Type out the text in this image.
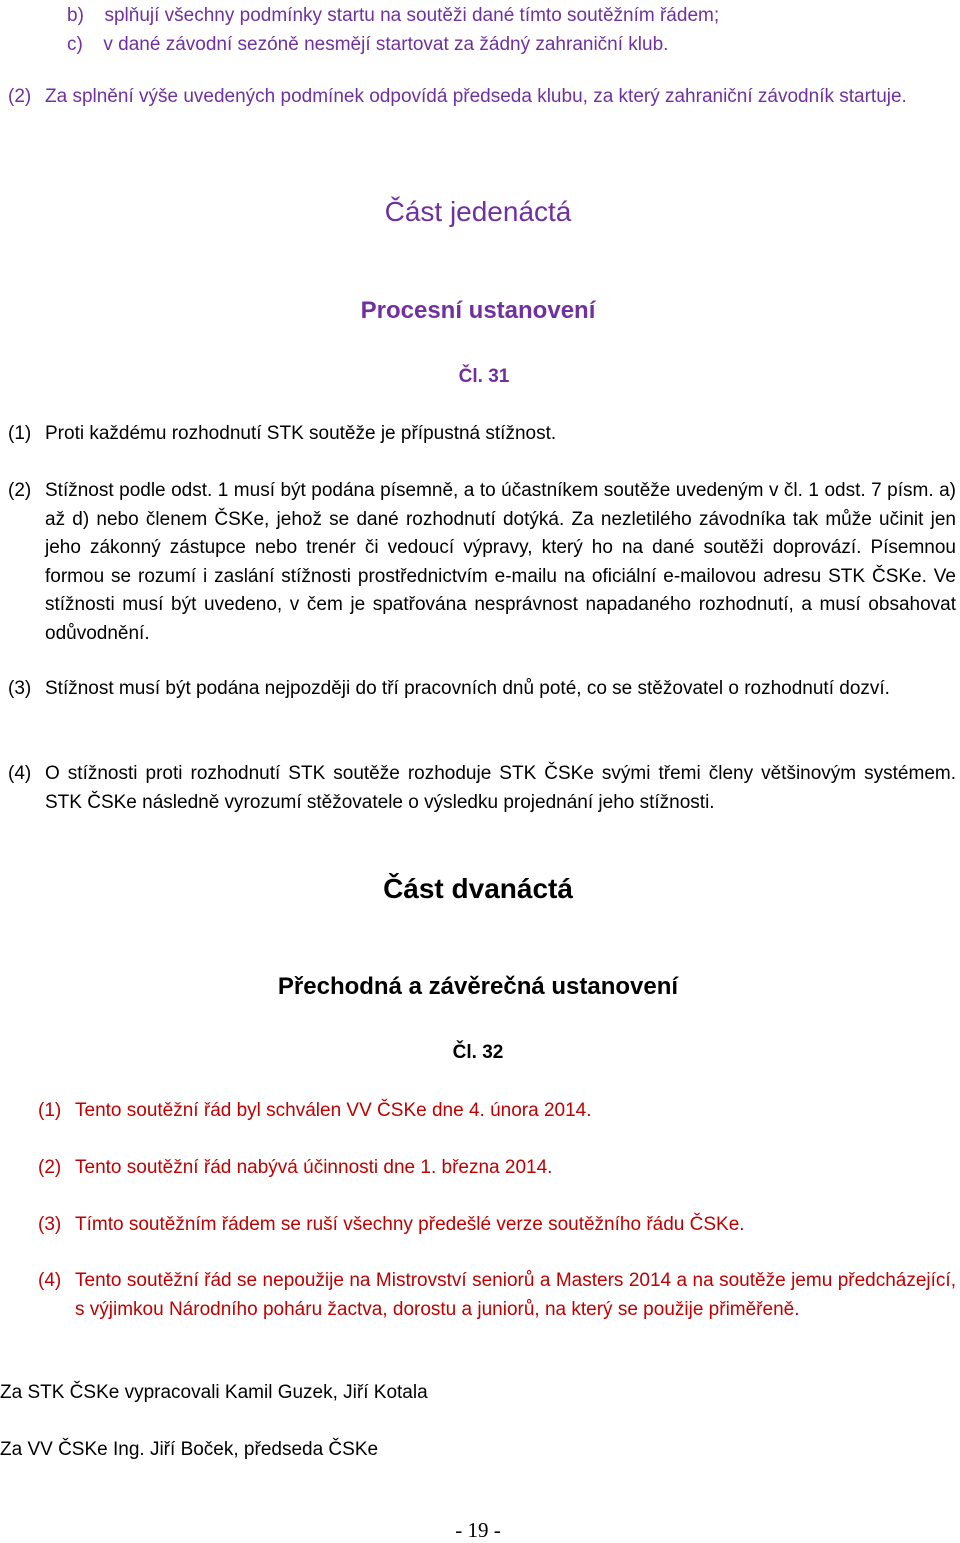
b) splňují všechny podmínky startu na soutěži dané tímto soutěžním řádem;
c) v dané závodní sezóně nesmějí startovat za žádný zahraniční klub.
(2) Za splnění výše uvedených podmínek odpovídá předseda klubu, za který zahraniční závodník startuje.
Část jedenáctá
Procesní ustanovení
Čl. 31
(1) Proti každému rozhodnutí STK soutěže je přípustná stížnost.
(2) Stížnost podle odst. 1 musí být podána písemně, a to účastníkem soutěže uvedeným v čl. 1 odst. 7 písm. a) až d) nebo členem ČSKe, jehož se dané rozhodnutí dotýká. Za nezletilého závodníka tak může učinit jen jeho zákonný zástupce nebo trenér či vedoucí výpravy, který ho na dané soutěži doprovází. Písemnou formou se rozumí i zaslání stížnosti prostřednictvím e-mailu na oficiální e-mailovou adresu STK ČSKe. Ve stížnosti musí být uvedeno, v čem je spatřována nesprávnost napadaného rozhodnutí, a musí obsahovat odůvodnění.
(3) Stížnost musí být podána nejpozději do tří pracovních dnů poté, co se stěžovatel o rozhodnutí dozví.
(4) O stížnosti proti rozhodnutí STK soutěže rozhoduje STK ČSKe svými třemi členy většinovým systémem. STK ČSKe následně vyrozumí stěžovatele o výsledku projednání jeho stížnosti.
Část dvanáctá
Přechodná a závěrečná ustanovení
Čl. 32
(1) Tento soutěžní řád byl schválen VV ČSKe dne 4. února 2014.
(2) Tento soutěžní řád nabývá účinnosti dne 1. března 2014.
(3) Tímto soutěžním řádem se ruší všechny předešlé verze soutěžního řádu ČSKe.
(4) Tento soutěžní řád se nepoužije na Mistrovství seniorů a Masters 2014 a na soutěže jemu předcházející, s výjimkou Národního poháru žactva, dorostu a juniorů, na který se použije přiměřeně.
Za STK ČSKe vypracovali Kamil Guzek, Jiří Kotala
Za VV ČSKe Ing. Jiří Boček, předseda ČSKe
- 19 -
